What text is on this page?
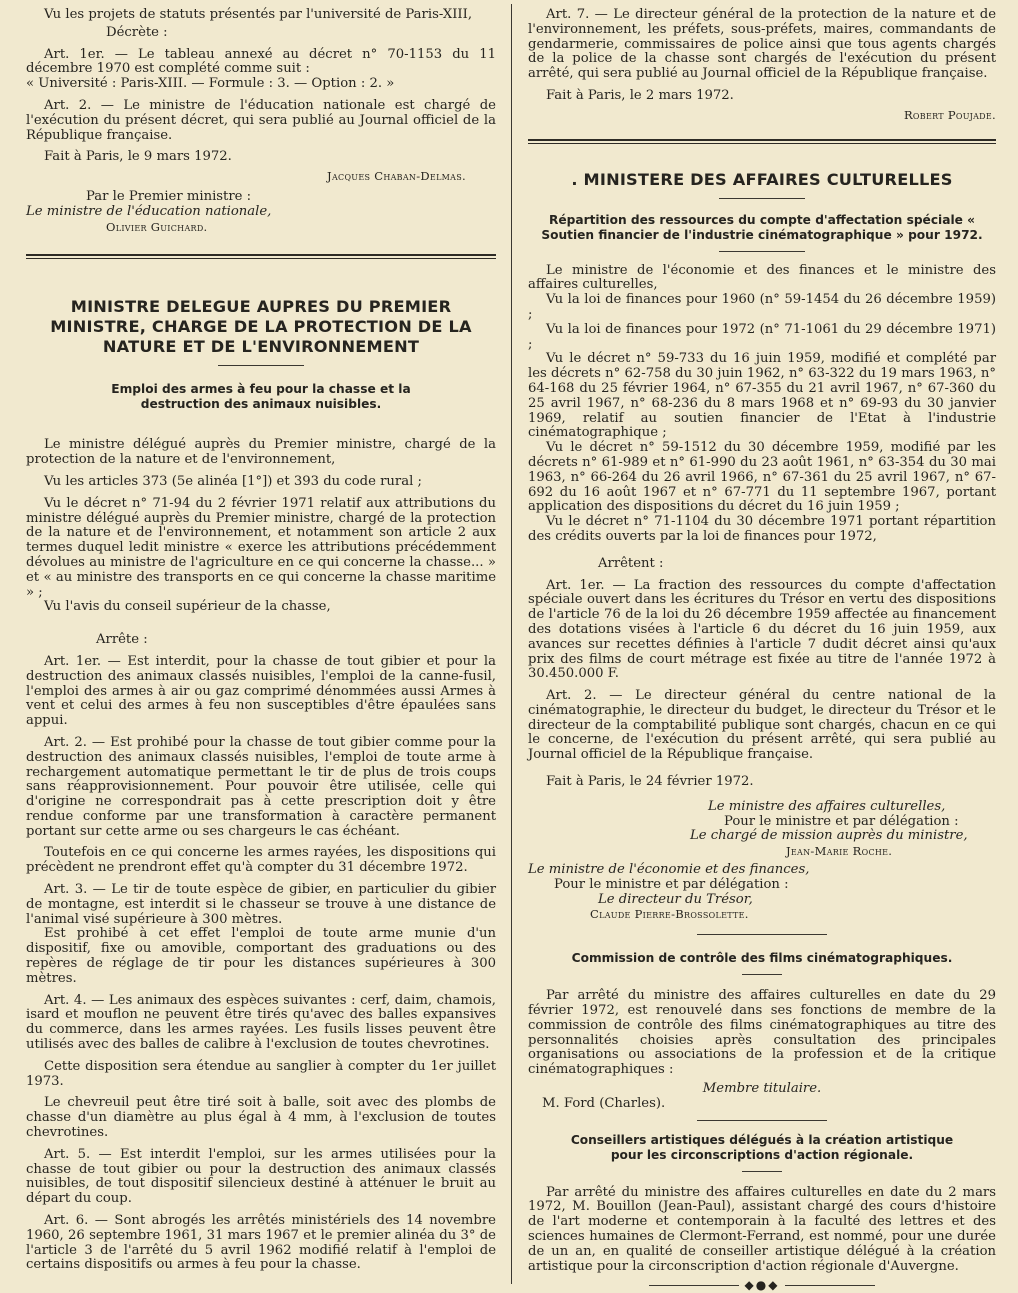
Vu les projets de statuts présentés par l'université de Paris-XIII,

Décrète :

Art. 1er. — Le tableau annexé au décret n° 70-1153 du 11 décembre 1970 est complété comme suit :

« Université : Paris-XIII. — Formule : 3. — Option : 2. »

Art. 2. — Le ministre de l'éducation nationale est chargé de l'exécution du présent décret, qui sera publié au Journal officiel de la République française.

Fait à Paris, le 9 mars 1972.

Jacques Chaban-Delmas.

Par le Premier ministre :

Le ministre de l'éducation nationale,

Olivier Guichard.

MINISTRE DELEGUE AUPRES DU PREMIER MINISTRE, CHARGE DE LA PROTECTION DE LA NATURE ET DE L'ENVIRONNEMENT
Emploi des armes à feu pour la chasse et la destruction des animaux nuisibles.

Le ministre délégué auprès du Premier ministre, chargé de la protection de la nature et de l'environnement,

Vu les articles 373 (5e alinéa [1°]) et 393 du code rural ;

Vu le décret n° 71-94 du 2 février 1971 relatif aux attributions du ministre délégué auprès du Premier ministre, chargé de la protection de la nature et de l'environnement, et notamment son article 2 aux termes duquel ledit ministre « exerce les attributions précédemment dévolues au ministre de l'agriculture en ce qui concerne la chasse... » et « au ministre des transports en ce qui concerne la chasse maritime » ;

Vu l'avis du conseil supérieur de la chasse,

Arrête :

Art. 1er. — Est interdit, pour la chasse de tout gibier et pour la destruction des animaux classés nuisibles, l'emploi de la canne-fusil, l'emploi des armes à air ou gaz comprimé dénommées aussi Armes à vent et celui des armes à feu non susceptibles d'être épaulées sans appui.

Art. 2. — Est prohibé pour la chasse de tout gibier comme pour la destruction des animaux classés nuisibles, l'emploi de toute arme à rechargement automatique permettant le tir de plus de trois coups sans réapprovisionnement. Pour pouvoir être utilisée, celle qui d'origine ne correspondrait pas à cette prescription doit y être rendue conforme par une transformation à caractère permanent portant sur cette arme ou ses chargeurs le cas échéant.

Toutefois en ce qui concerne les armes rayées, les dispositions qui précèdent ne prendront effet qu'à compter du 31 décembre 1972.

Art. 3. — Le tir de toute espèce de gibier, en particulier du gibier de montagne, est interdit si le chasseur se trouve à une distance de l'animal visé supérieure à 300 mètres.

Est prohibé à cet effet l'emploi de toute arme munie d'un dispositif, fixe ou amovible, comportant des graduations ou des repères de réglage de tir pour les distances supérieures à 300 mètres.

Art. 4. — Les animaux des espèces suivantes : cerf, daim, chamois, isard et mouflon ne peuvent être tirés qu'avec des balles expansives du commerce, dans les armes rayées. Les fusils lisses peuvent être utilisés avec des balles de calibre à l'exclusion de toutes chevrotines.

Cette disposition sera étendue au sanglier à compter du 1er juillet 1973.

Le chevreuil peut être tiré soit à balle, soit avec des plombs de chasse d'un diamètre au plus égal à 4 mm, à l'exclusion de toutes chevrotines.

Art. 5. — Est interdit l'emploi, sur les armes utilisées pour la chasse de tout gibier ou pour la destruction des animaux classés nuisibles, de tout dispositif silencieux destiné à atténuer le bruit au départ du coup.

Art. 6. — Sont abrogés les arrêtés ministériels des 14 novembre 1960, 26 septembre 1961, 31 mars 1967 et le premier alinéa du 3° de l'article 3 de l'arrêté du 5 avril 1962 modifié relatif à l'emploi de certains dispositifs ou armes à feu pour la chasse.

Art. 7. — Le directeur général de la protection de la nature et de l'environnement, les préfets, sous-préfets, maires, commandants de gendarmerie, commissaires de police ainsi que tous agents chargés de la police de la chasse sont chargés de l'exécution du présent arrêté, qui sera publié au Journal officiel de la République française.

Fait à Paris, le 2 mars 1972.

Robert Poujade.

. MINISTERE DES AFFAIRES CULTURELLES
Répartition des ressources du compte d'affectation spéciale « Soutien financier de l'industrie cinématographique » pour 1972.

Le ministre de l'économie et des finances et le ministre des affaires culturelles,

Vu la loi de finances pour 1960 (n° 59-1454 du 26 décembre 1959) ;

Vu la loi de finances pour 1972 (n° 71-1061 du 29 décembre 1971) ;

Vu le décret n° 59-733 du 16 juin 1959, modifié et complété par les décrets n° 62-758 du 30 juin 1962, n° 63-322 du 19 mars 1963, n° 64-168 du 25 février 1964, n° 67-355 du 21 avril 1967, n° 67-360 du 25 avril 1967, n° 68-236 du 8 mars 1968 et n° 69-93 du 30 janvier 1969, relatif au soutien financier de l'Etat à l'industrie cinématographique ;

Vu le décret n° 59-1512 du 30 décembre 1959, modifié par les décrets n° 61-989 et n° 61-990 du 23 août 1961, n° 63-354 du 30 mai 1963, n° 66-264 du 26 avril 1966, n° 67-361 du 25 avril 1967, n° 67-692 du 16 août 1967 et n° 67-771 du 11 septembre 1967, portant application des dispositions du décret du 16 juin 1959 ;

Vu le décret n° 71-1104 du 30 décembre 1971 portant répartition des crédits ouverts par la loi de finances pour 1972,

Arrêtent :

Art. 1er. — La fraction des ressources du compte d'affectation spéciale ouvert dans les écritures du Trésor en vertu des dispositions de l'article 76 de la loi du 26 décembre 1959 affectée au financement des dotations visées à l'article 6 du décret du 16 juin 1959, aux avances sur recettes définies à l'article 7 dudit décret ainsi qu'aux prix des films de court métrage est fixée au titre de l'année 1972 à 30.450.000 F.

Art. 2. — Le directeur général du centre national de la cinématographie, le directeur du budget, le directeur du Trésor et le directeur de la comptabilité publique sont chargés, chacun en ce qui le concerne, de l'exécution du présent arrêté, qui sera publié au Journal officiel de la République française.

Fait à Paris, le 24 février 1972.

Le ministre des affaires culturelles,

Pour le ministre et par délégation :

Le chargé de mission auprès du ministre,

Jean-Marie Roche.

Le ministre de l'économie et des finances,

Pour le ministre et par délégation :

Le directeur du Trésor,

Claude Pierre-Brossolette.

Commission de contrôle des films cinématographiques.

Par arrêté du ministre des affaires culturelles en date du 29 février 1972, est renouvelé dans ses fonctions de membre de la commission de contrôle des films cinématographiques au titre des personnalités choisies après consultation des principales organisations ou associations de la profession et de la critique cinématographiques :

Membre titulaire.

M. Ford (Charles).

Conseillers artistiques délégués à la création artistique pour les circonscriptions d'action régionale.

Par arrêté du ministre des affaires culturelles en date du 2 mars 1972, M. Bouillon (Jean-Paul), assistant chargé des cours d'histoire de l'art moderne et contemporain à la faculté des lettres et des sciences humaines de Clermont-Ferrand, est nommé, pour une durée de un an, en qualité de conseiller artistique délégué à la création artistique pour la circonscription d'action régionale d'Auvergne.

◆●◆
